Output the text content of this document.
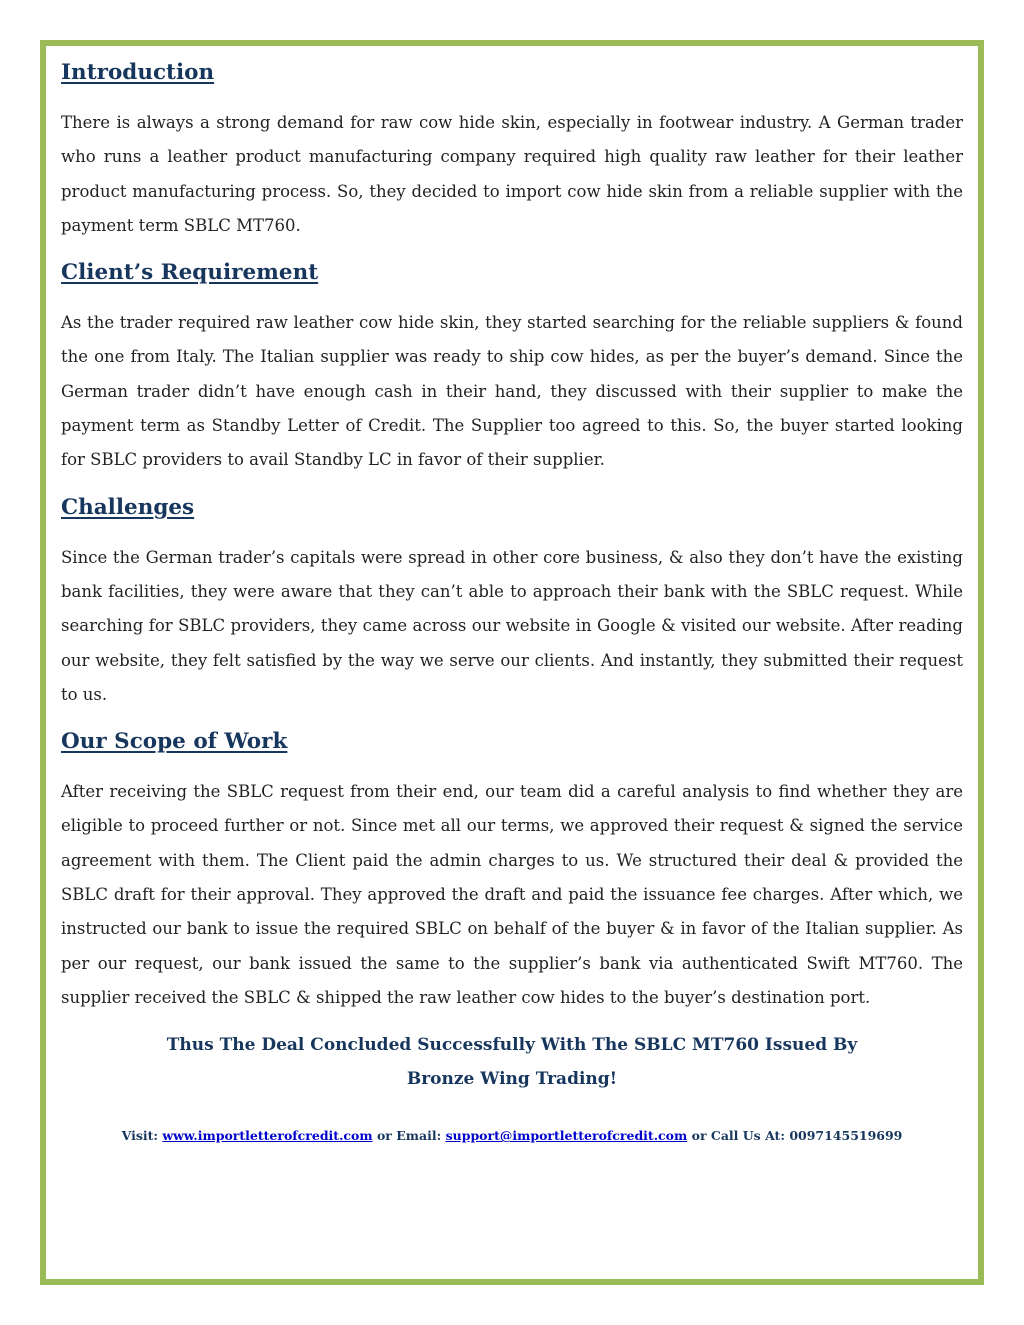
Introduction

There is always a strong demand for raw cow hide skin, especially in footwear industry. A German trader who runs a leather product manufacturing company required high quality raw leather for their leather product manufacturing process. So, they decided to import cow hide skin from a reliable supplier with the payment term SBLC MT760.

Client’s Requirement

As the trader required raw leather cow hide skin, they started searching for the reliable suppliers & found the one from Italy. The Italian supplier was ready to ship cow hides, as per the buyer’s demand. Since the German trader didn’t have enough cash in their hand, they discussed with their supplier to make the payment term as Standby Letter of Credit. The Supplier too agreed to this. So, the buyer started looking for SBLC providers to avail Standby LC in favor of their supplier.

Challenges

Since the German trader’s capitals were spread in other core business, & also they don’t have the existing bank facilities, they were aware that they can’t able to approach their bank with the SBLC request. While searching for SBLC providers, they came across our website in Google & visited our website. After reading our website, they felt satisfied by the way we serve our clients. And instantly, they submitted their request to us.

Our Scope of Work

After receiving the SBLC request from their end, our team did a careful analysis to find whether they are eligible to proceed further or not. Since met all our terms, we approved their request & signed the service agreement with them. The Client paid the admin charges to us. We structured their deal & provided the SBLC draft for their approval. They approved the draft and paid the issuance fee charges. After which, we instructed our bank to issue the required SBLC on behalf of the buyer & in favor of the Italian supplier. As per our request, our bank issued the same to the supplier’s bank via authenticated Swift MT760. The supplier received the SBLC & shipped the raw leather cow hides to the buyer’s destination port.

Thus The Deal Concluded Successfully With The SBLC MT760 Issued By

Bronze Wing Trading!

Visit: www.importletterofcredit.com or Email: support@importletterofcredit.com or Call Us At: 0097145519699
